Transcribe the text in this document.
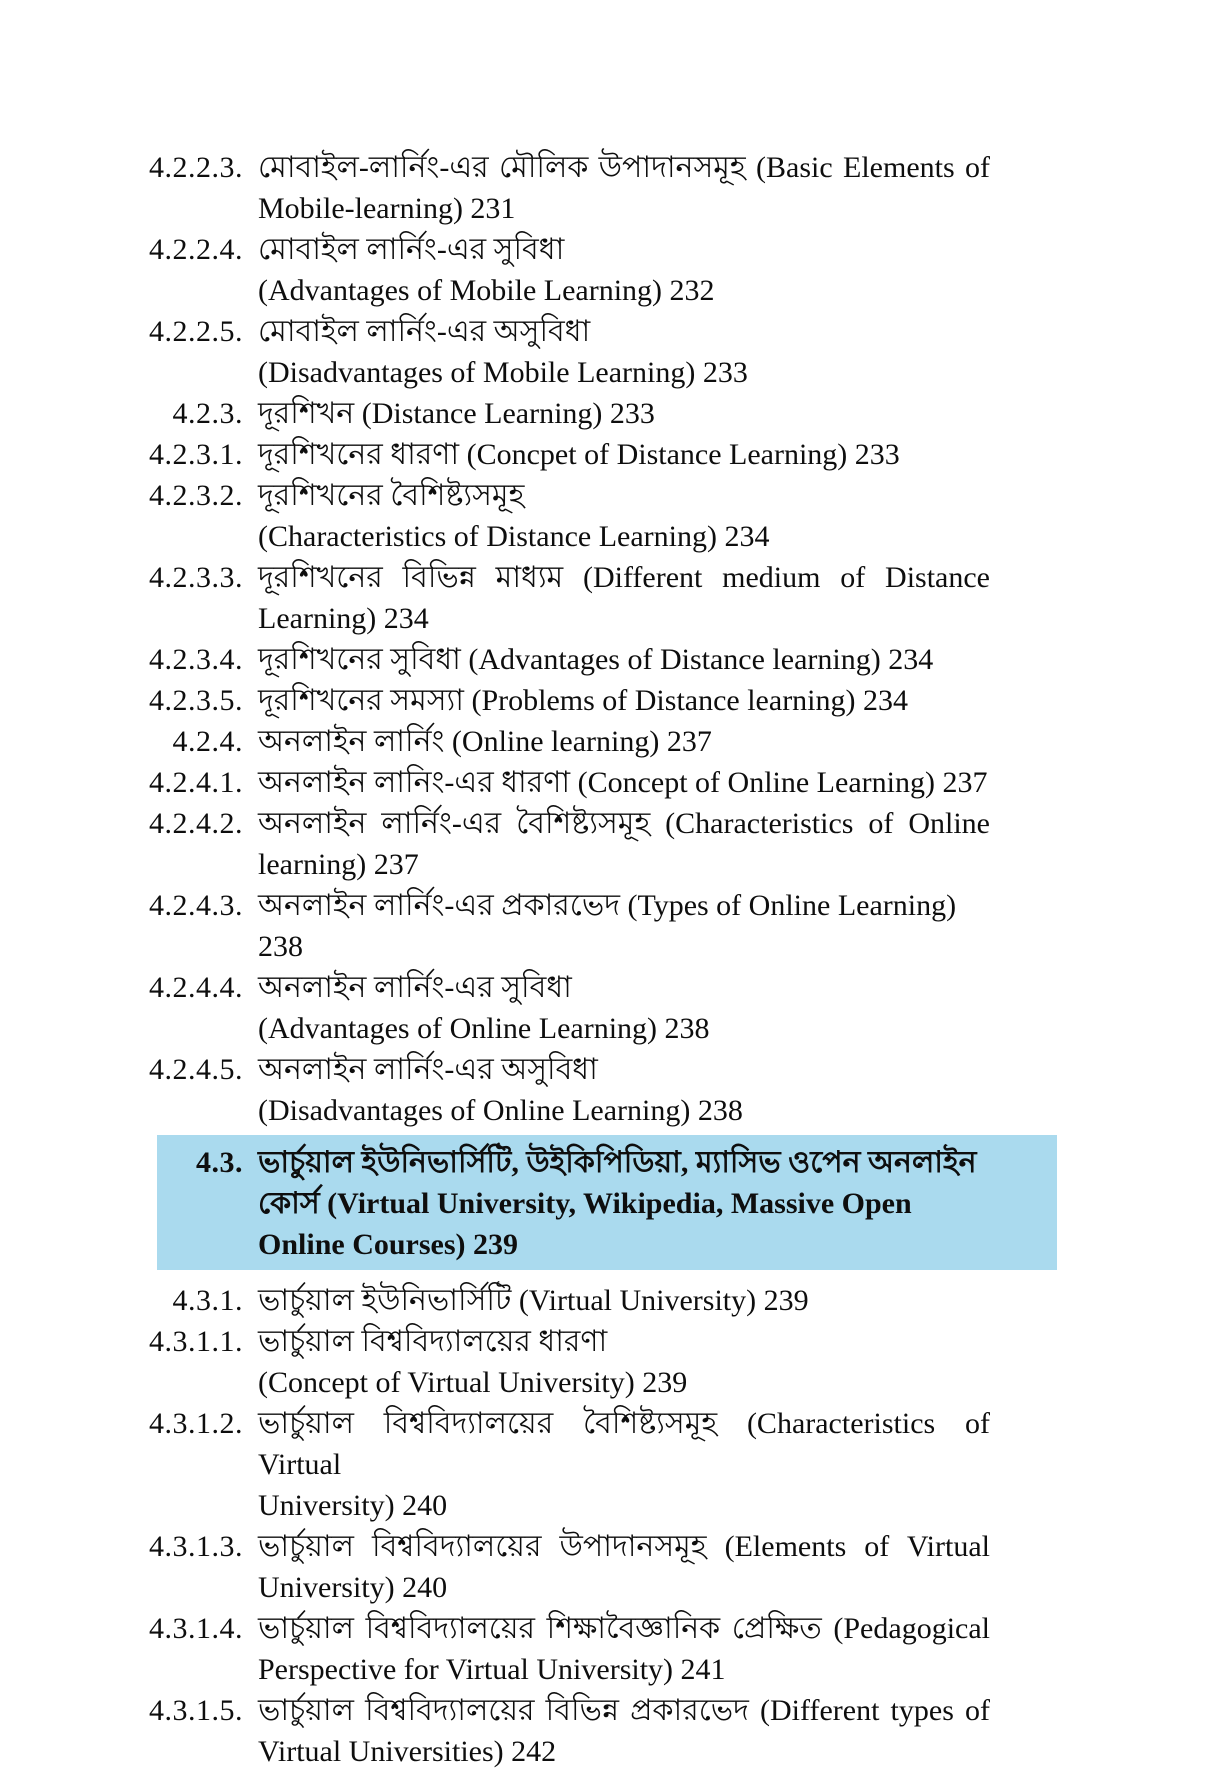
4.2.2.3. মোবাইল-লার্নিং-এর মৌলিক উপাদানসমূহ (Basic Elements of
Mobile-learning) 231
4.2.2.4. মোবাইল লার্নিং-এর সুবিধা
(Advantages of Mobile Learning) 232
4.2.2.5. মোবাইল লার্নিং-এর অসুবিধা
(Disadvantages of Mobile Learning) 233
4.2.3. দূরশিখন (Distance Learning) 233
4.2.3.1. দূরশিখনের ধারণা (Concpet of Distance Learning) 233
4.2.3.2. দূরশিখনের বৈশিষ্ট্যসমূহ
(Characteristics of Distance Learning) 234
4.2.3.3. দূরশিখনের বিভিন্ন মাধ্যম (Different medium of Distance
Learning) 234
4.2.3.4. দূরশিখনের সুবিধা (Advantages of Distance learning) 234
4.2.3.5. দূরশিখনের সমস্যা (Problems of Distance learning) 234
4.2.4. অনলাইন লার্নিং (Online learning) 237
4.2.4.1. অনলাইন লানিং-এর ধারণা (Concept of Online Learning) 237
4.2.4.2. অনলাইন লার্নিং-এর বৈশিষ্ট্যসমূহ (Characteristics of Online
learning) 237
4.2.4.3. অনলাইন লার্নিং-এর প্রকারভেদ (Types of Online Learning) 238
4.2.4.4. অনলাইন লার্নিং-এর সুবিধা
(Advantages of Online Learning) 238
4.2.4.5. অনলাইন লার্নিং-এর অসুবিধা
(Disadvantages of Online Learning) 238
4.3. ভার্চুয়াল ইউনিভার্সিটি, উইকিপিডিয়া, ম্যাসিভ ওপেন অনলাইন
কোর্স (Virtual University, Wikipedia, Massive Open
Online Courses) 239
4.3.1. ভার্চুয়াল ইউনিভার্সিটি (Virtual University) 239
4.3.1.1. ভার্চুয়াল বিশ্ববিদ্যালয়ের ধারণা
(Concept of Virtual University) 239
4.3.1.2. ভার্চুয়াল বিশ্ববিদ্যালয়ের বৈশিষ্ট্যসমূহ (Characteristics of Virtual
University) 240
4.3.1.3. ভার্চুয়াল বিশ্ববিদ্যালয়ের উপাদানসমূহ (Elements of Virtual
University) 240
4.3.1.4. ভার্চুয়াল বিশ্ববিদ্যালয়ের শিক্ষাবৈজ্ঞানিক প্রেক্ষিত (Pedagogical
Perspective for Virtual University) 241
4.3.1.5. ভার্চুয়াল বিশ্ববিদ্যালয়ের বিভিন্ন প্রকারভেদ (Different types of
Virtual Universities) 242
